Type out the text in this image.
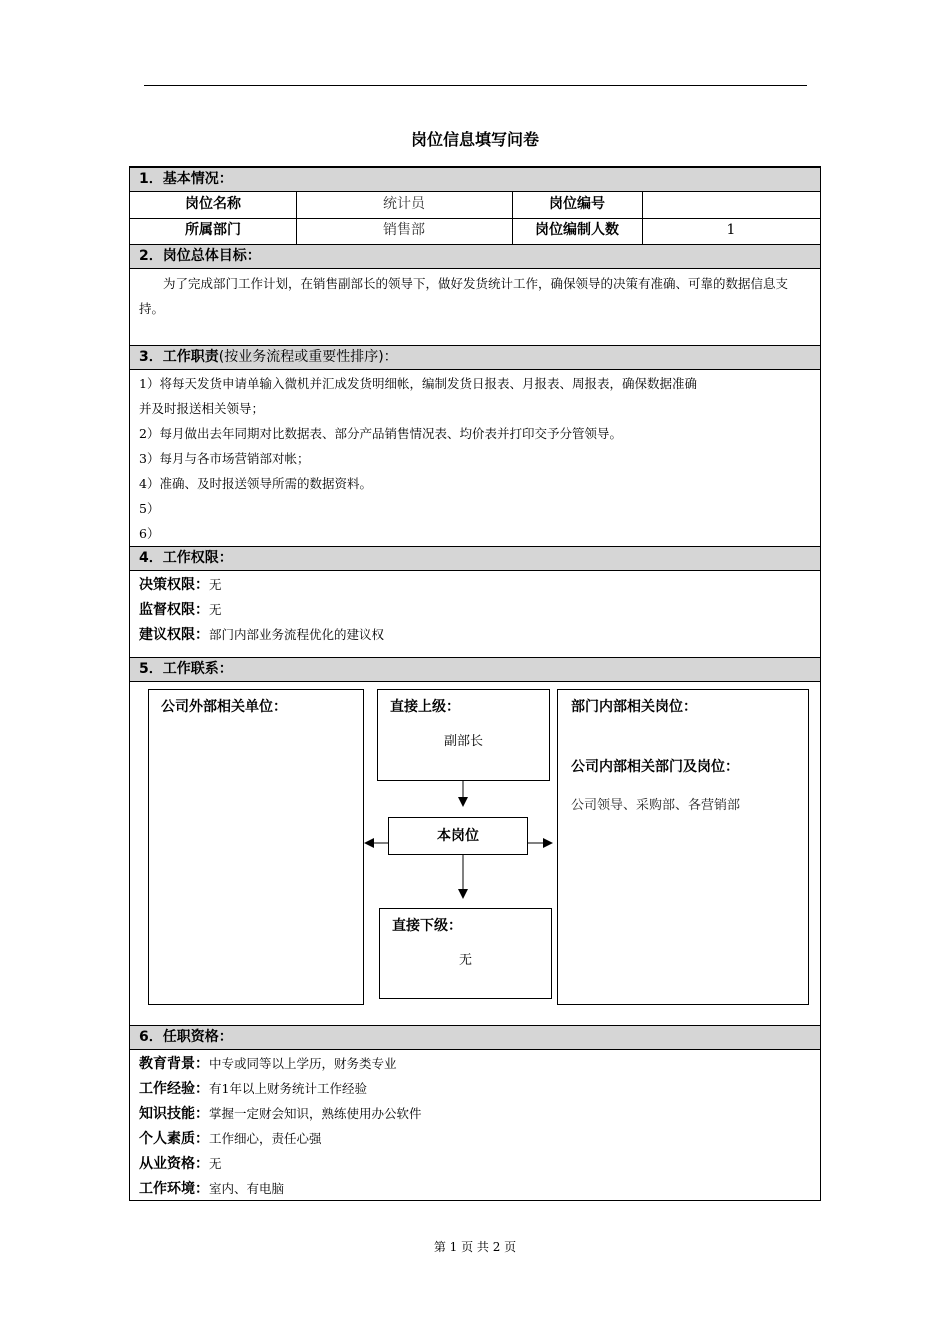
岗位信息填写问卷
1．基本情况：
岗位名称	统计员	岗位编号
所属部门	销售部	岗位编制人数	1
2．岗位总体目标：
为了完成部门工作计划，在销售副部长的领导下，做好发货统计工作，确保领导的决策有准确、可靠的数据信息支持。
3．工作职责(按业务流程或重要性排序)：
1）将每天发货申请单输入微机并汇成发货明细帐，编制发货日报表、月报表、周报表，确保数据准确
并及时报送相关领导；
2）每月做出去年同期对比数据表、部分产品销售情况表、均价表并打印交予分管领导。
3）每月与各市场营销部对帐；
4）准确、及时报送领导所需的数据资料。
5）
6）
4．工作权限：
决策权限：无
监督权限：无
建议权限：部门内部业务流程优化的建议权
5．工作联系：
公司外部相关单位：	直接上级：
副部长
本岗位
直接下级：
无
部门内部相关岗位：
公司内部相关部门及岗位：
公司领导、采购部、各营销部
6．任职资格：
教育背景：中专或同等以上学历，财务类专业
工作经验：有1年以上财务统计工作经验
知识技能：掌握一定财会知识，熟练使用办公软件
个人素质：工作细心，责任心强
从业资格：无
工作环境：室内、有电脑
第 1 页 共 2 页
